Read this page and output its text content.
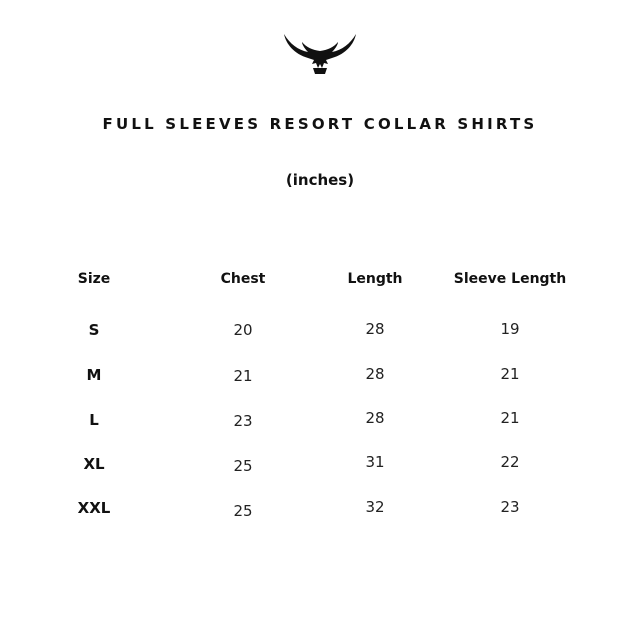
FULL SLEEVES RESORT COLLAR SHIRTS
(inches)
Size	Chest	Length	Sleeve Length
S	20	28	19
M	21	28	21
L	23	28	21
XL	25	31	22
XXL	25	32	23
